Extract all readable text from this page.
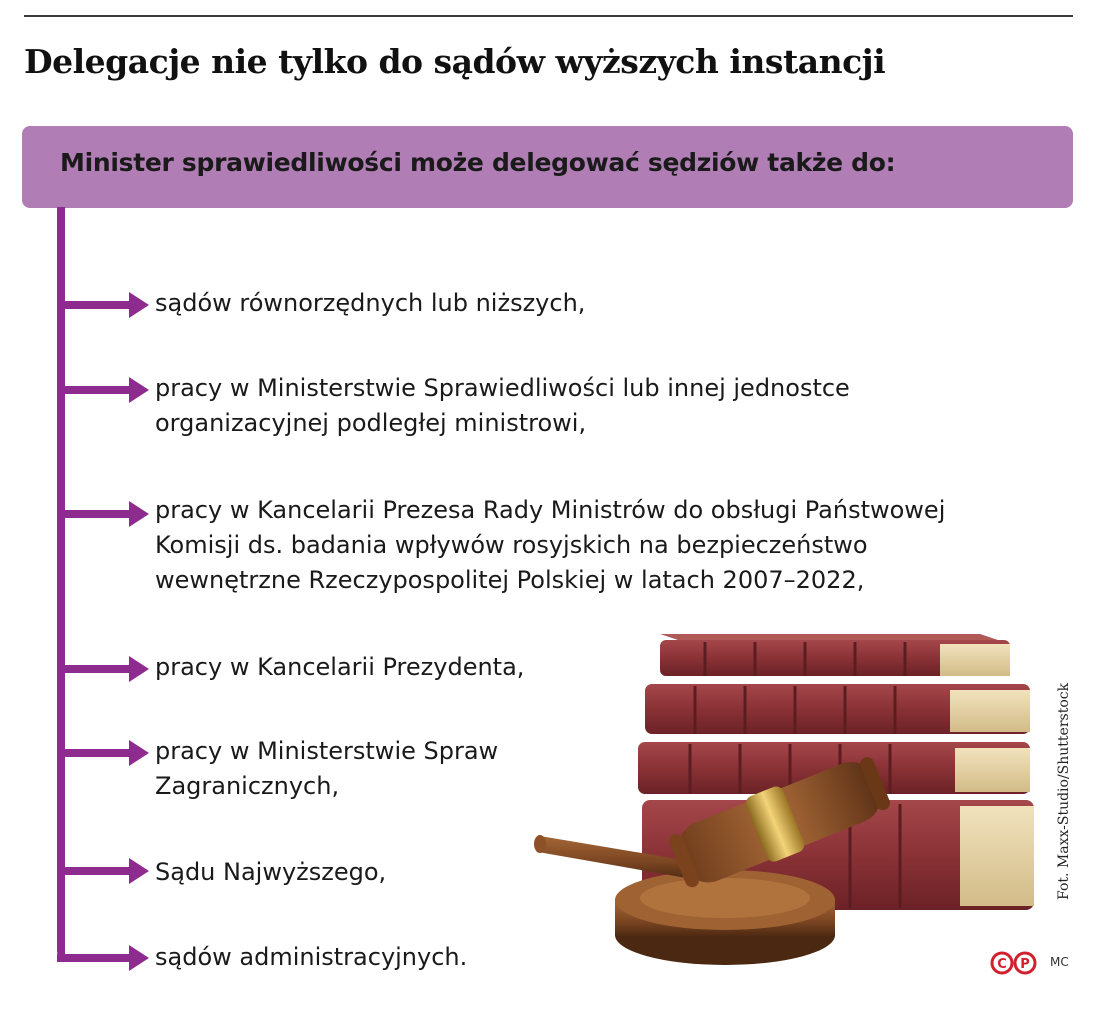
Delegacje nie tylko do sądów wyższych instancji
Minister sprawiedliwości może delegować sędziów także do:
sądów równorzędnych lub niższych,
pracy w Ministerstwie Sprawiedliwości lub innej jednostce
organizacyjnej podległej ministrowi,
pracy w Kancelarii Prezesa Rady Ministrów do obsługi Państwowej
Komisji ds. badania wpływów rosyjskich na bezpieczeństwo
wewnętrzne Rzeczypospolitej Polskiej w latach 2007–2022,
pracy w Kancelarii Prezydenta,
pracy w Ministerstwie Spraw
Zagranicznych,
Sądu Najwyższego,
sądów administracyjnych.
Fot. Maxx-Studio/Shutterstock
C P MC
